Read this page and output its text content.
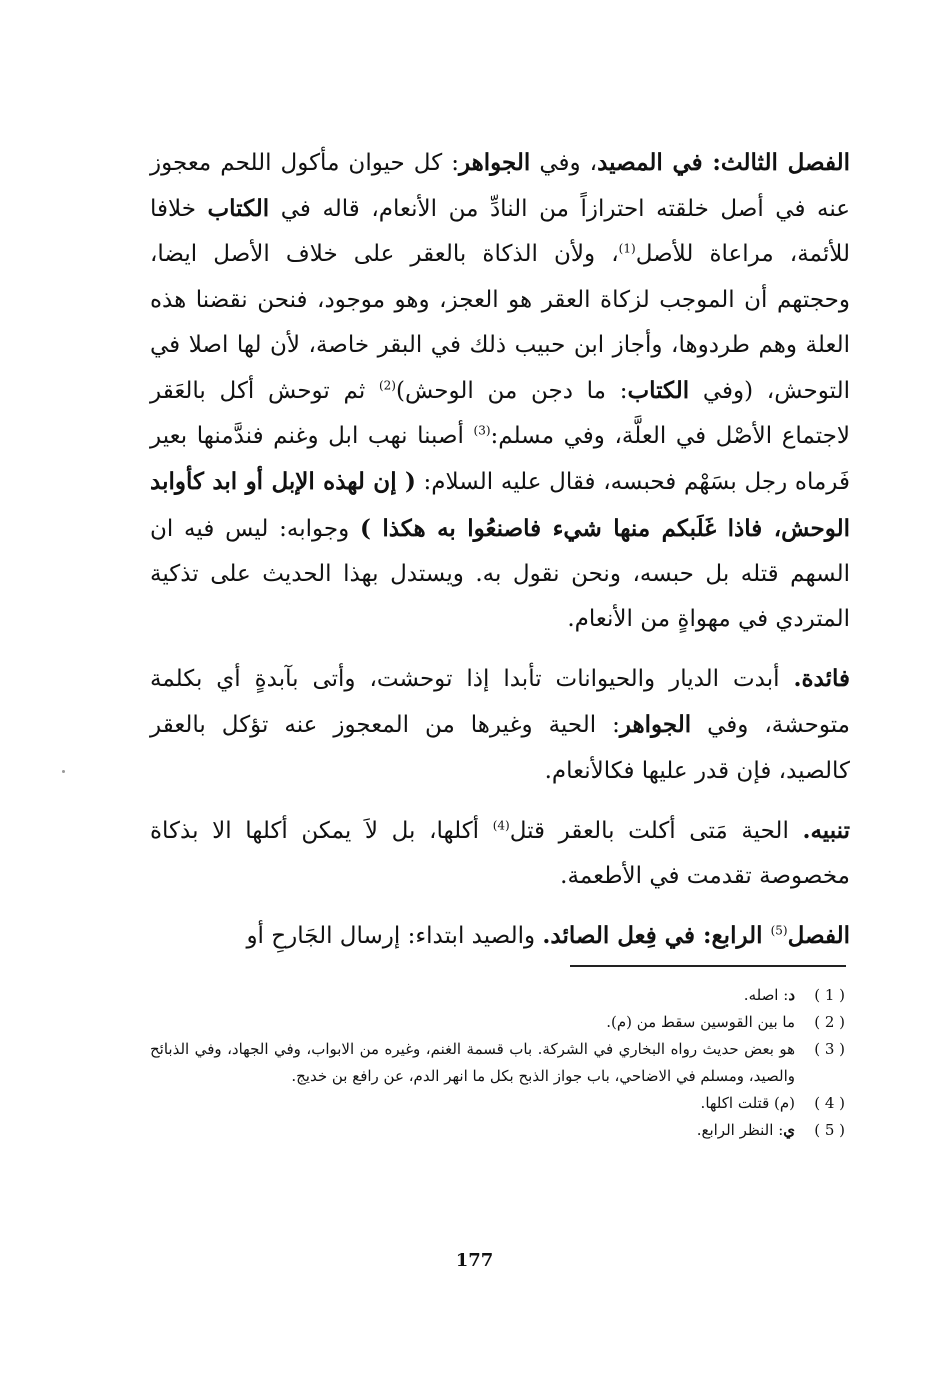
الفصل الثالث: في المصيد، وفي الجواهر: كل حيوان مأكول اللحم معجوز عنه في أصل خلقته احترازاً من النادِّ من الأنعام، قاله في الكتاب خلافا للأئمة، مراعاة للأصل$^{(1)}$، ولأن الذكاة بالعقر على خلاف الأصل ايضا، وحجتهم أن الموجب لزكاة العقر هو العجز، وهو موجود، فنحن نقضنا هذه العلة وهم طردوها، وأجاز ابن حبيب ذلك في البقر خاصة، لأن لها اصلا في التوحش، (وفي الكتاب: ما دجن من الوحش)$^{(2)}$ ثم توحش أكل بالعَقر لاجتماع الأصْل في العلَّة، وفي مسلم:$^{(3)}$ أصبنا نهب ابل وغنم فندَّمنها بعير فَرماه رجل بسَهْم فحبسه، فقال عليه السلام: ( إن لهذه الإبل أو ابد كأوابد الوحش، فاذا غَلَبكم منها شيء فاصنعُوا به هكذا ) وجوابه: ليس فيه ان السهم قتله بل حبسه، ونحن نقول به. ويستدل بهذا الحديث على تذكية المتردي في مهواةٍ من الأنعام.

فائدة. أبدت الديار والحيوانات تأبدا إذا توحشت، وأتى بآبدةٍ أي بكلمة متوحشة، وفي الجواهر: الحية وغيرها من المعجوز عنه تؤكل بالعقر كالصيد، فإن قدر عليها فكالأنعام.

تنبيه. الحية مَتى أكلت بالعقر قتل$^{(4)}$ أكلها، بل لاَ يمكن أكلها الا بذكاة مخصوصة تقدمت في الأطعمة.

الفصل$^{(5)}$ الرابع: في فِعل الصائد. والصيد ابتداء: إرسال الجَارحِ أو

( 1 )
د: اصله.
( 2 )
ما بين القوسين سقط من (م).
( 3 )
هو بعض حديث رواه البخاري في الشركة. باب قسمة الغنم، وغيره من الابواب، وفي الجهاد، وفي الذبائح والصيد، ومسلم في الاضاحي، باب جواز الذبح بكل ما انهر الدم، عن رافع بن خديج.
( 4 )
(م) قتلت اكلها.
( 5 )
ي: النظر الرابع.
177
